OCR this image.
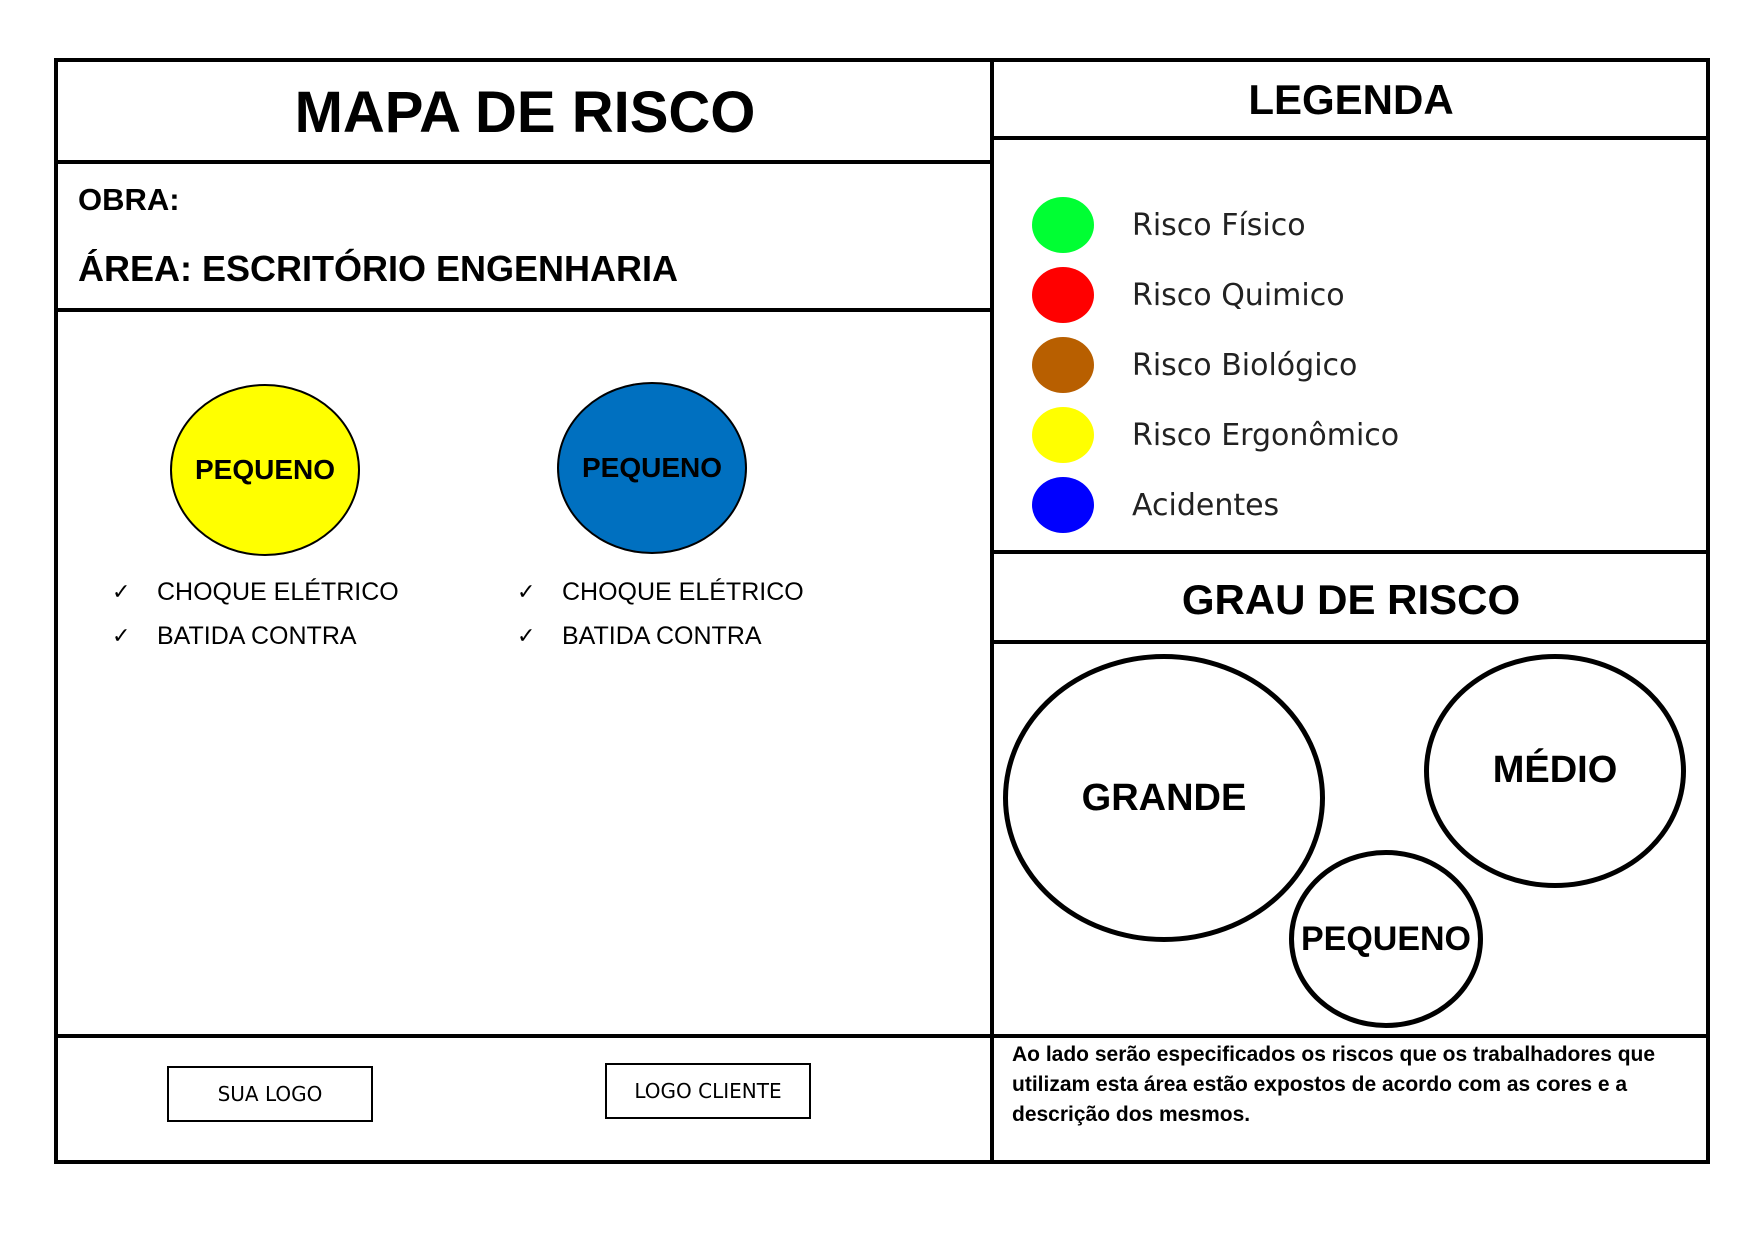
MAPA DE RISCO
OBRA:
ÁREA: ESCRITÓRIO ENGENHARIA
PEQUENO	PEQUENO
✓	CHOQUE ELÉTRICO
✓	BATIDA CONTRA
✓	CHOQUE ELÉTRICO
✓	BATIDA CONTRA
SUA LOGO	LOGO CLIENTE
LEGENDA
Risco Físico
Risco Quimico
Risco Biológico
Risco Ergonômico
Acidentes
GRAU DE RISCO
GRANDE
MÉDIO
PEQUENO
Ao lado serão especificados os riscos que os trabalhadores que utilizam esta área estão expostos de acordo com as cores e a descrição dos mesmos.
